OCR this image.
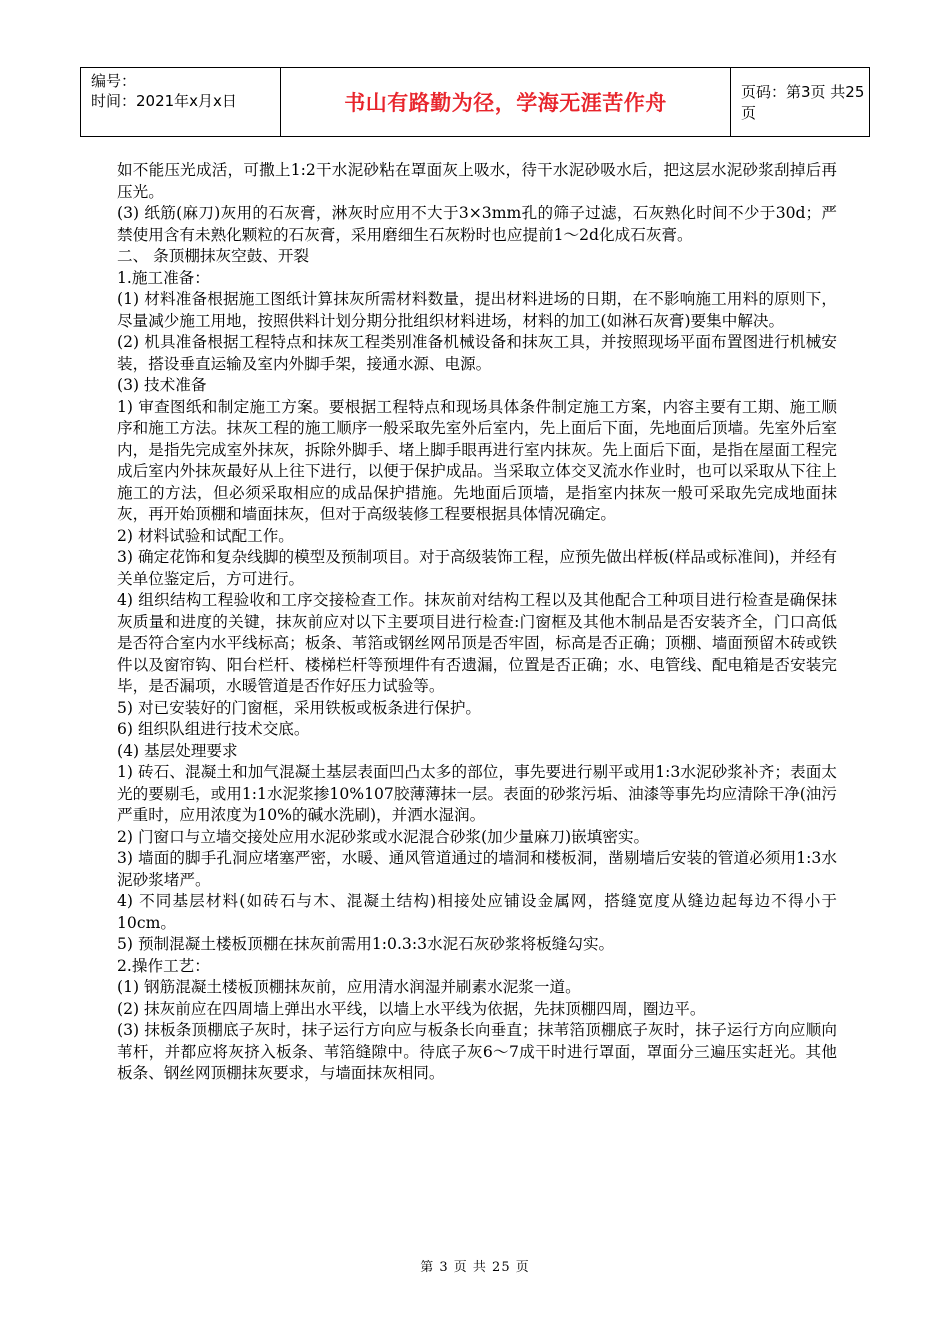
编号：
时间：2021年x月x日	书山有路勤为径，学海无涯苦作舟	页码：第3页 共25页

如不能压光成活，可撒上1:2干水泥砂粘在罩面灰上吸水，待干水泥砂吸水后，把这层水泥砂浆刮掉后再压光。

(3) 纸筋(麻刀)灰用的石灰膏，淋灰时应用不大于3×3mm孔的筛子过滤，石灰熟化时间不少于30d；严禁使用含有未熟化颗粒的石灰膏，采用磨细生石灰粉时也应提前1～2d化成石灰膏。

二、 条顶棚抹灰空鼓、开裂

1.施工准备：

(1) 材料准备根据施工图纸计算抹灰所需材料数量，提出材料进场的日期，在不影响施工用料的原则下，尽量减少施工用地，按照供料计划分期分批组织材料进场，材料的加工(如淋石灰膏)要集中解决。

(2) 机具准备根据工程特点和抹灰工程类别准备机械设备和抹灰工具，并按照现场平面布置图进行机械安装，搭设垂直运输及室内外脚手架，接通水源、电源。

(3) 技术准备

1) 审查图纸和制定施工方案。要根据工程特点和现场具体条件制定施工方案，内容主要有工期、施工顺序和施工方法。抹灰工程的施工顺序一般采取先室外后室内，先上面后下面，先地面后顶墙。先室外后室内，是指先完成室外抹灰，拆除外脚手、堵上脚手眼再进行室内抹灰。先上面后下面，是指在屋面工程完成后室内外抹灰最好从上往下进行，以便于保护成品。当采取立体交叉流水作业时，也可以采取从下往上施工的方法，但必须采取相应的成品保护措施。先地面后顶墙，是指室内抹灰一般可采取先完成地面抹灰，再开始顶棚和墙面抹灰，但对于高级装修工程要根据具体情况确定。

2) 材料试验和试配工作。

3) 确定花饰和复杂线脚的模型及预制项目。对于高级装饰工程，应预先做出样板(样品或标准间)，并经有关单位鉴定后，方可进行。

4) 组织结构工程验收和工序交接检查工作。抹灰前对结构工程以及其他配合工种项目进行检查是确保抹灰质量和进度的关键，抹灰前应对以下主要项目进行检查:门窗框及其他木制品是否安装齐全，门口高低是否符合室内水平线标高；板条、苇箔或钢丝网吊顶是否牢固，标高是否正确；顶棚、墙面预留木砖或铁件以及窗帘钩、阳台栏杆、楼梯栏杆等预埋件有否遗漏，位置是否正确；水、电管线、配电箱是否安装完毕，是否漏项，水暖管道是否作好压力试验等。

5) 对已安装好的门窗框，采用铁板或板条进行保护。

6) 组织队组进行技术交底。

(4) 基层处理要求

1) 砖石、混凝土和加气混凝土基层表面凹凸太多的部位，事先要进行剔平或用1:3水泥砂浆补齐；表面太光的要剔毛，或用1:1水泥浆掺10%107胶薄薄抹一层。表面的砂浆污垢、油漆等事先均应清除干净(油污严重时，应用浓度为10%的碱水洗刷)，并洒水湿润。

2) 门窗口与立墙交接处应用水泥砂浆或水泥混合砂浆(加少量麻刀)嵌填密实。

3) 墙面的脚手孔洞应堵塞严密，水暖、通风管道通过的墙洞和楼板洞，凿剔墙后安装的管道必须用1:3水泥砂浆堵严。

4) 不同基层材料(如砖石与木、混凝土结构)相接处应铺设金属网，搭缝宽度从缝边起每边不得小于10cm。

5) 预制混凝土楼板顶棚在抹灰前需用1:0.3:3水泥石灰砂浆将板缝勾实。

2.操作工艺：

(1) 钢筋混凝土楼板顶棚抹灰前，应用清水润湿并刷素水泥浆一道。

(2) 抹灰前应在四周墙上弹出水平线，以墙上水平线为依据，先抹顶棚四周，圈边平。

(3) 抹板条顶棚底子灰时，抹子运行方向应与板条长向垂直；抹苇箔顶棚底子灰时，抹子运行方向应顺向苇杆，并都应将灰挤入板条、苇箔缝隙中。待底子灰6～7成干时进行罩面，罩面分三遍压实赶光。其他板条、钢丝网顶棚抹灰要求，与墙面抹灰相同。

第 3 页 共 25 页
